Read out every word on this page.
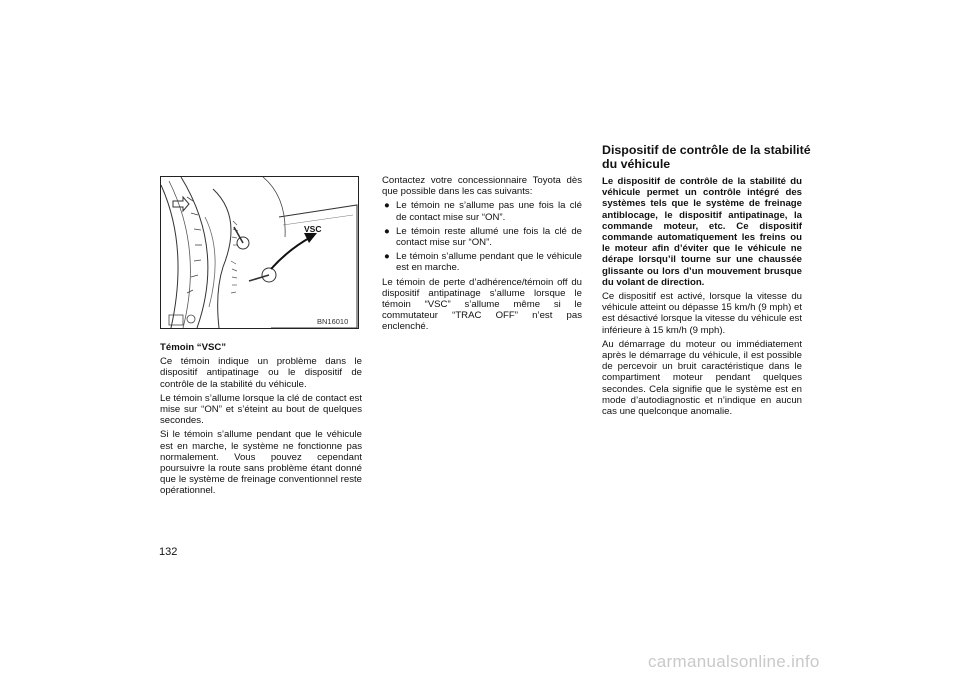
VSC
BN16010

Témoin “VSC”

Ce témoin indique un problème dans le dispositif antipatinage ou le dispositif de contrôle de la stabilité du véhicule.

Le témoin s’allume lorsque la clé de contact est mise sur “ON” et s’éteint au bout de quelques secondes.

Si le témoin s’allume pendant que le véhicule est en marche, le système ne fonctionne pas normalement. Vous pouvez cependant poursuivre la route sans problème étant donné que le système de freinage conventionnel reste opérationnel.

Contactez votre concessionnaire Toyota dès que possible dans les cas suivants:

● Le témoin ne s’allume pas une fois la clé de contact mise sur “ON”.

● Le témoin reste allumé une fois la clé de contact mise sur “ON”.

● Le témoin s’allume pendant que le véhicule est en marche.

Le témoin de perte d’adhérence/témoin off du dispositif antipatinage s’allume lorsque le témoin “VSC” s’allume même si le commutateur “TRAC OFF” n’est pas enclenché.

Dispositif de contrôle de la stabilité du véhicule

Le dispositif de contrôle de la stabilité du véhicule permet un contrôle intégré des systèmes tels que le système de freinage antiblocage, le dispositif antipatinage, la commande moteur, etc. Ce dispositif commande automatiquement les freins ou le moteur afin d’éviter que le véhicule ne dérape lorsqu’il tourne sur une chaussée glissante ou lors d’un mouvement brusque du volant de direction.

Ce dispositif est activé, lorsque la vitesse du véhicule atteint ou dépasse 15 km/h (9 mph) et est désactivé lorsque la vitesse du véhicule est inférieure à 15 km/h (9 mph).

Au démarrage du moteur ou immédiatement après le démarrage du véhicule, il est possible de percevoir un bruit caractéristique dans le compartiment moteur pendant quelques secondes. Cela signifie que le système est en mode d’autodiagnostic et n’indique en aucun cas une quelconque anomalie.

132
carmanualsonline.info
